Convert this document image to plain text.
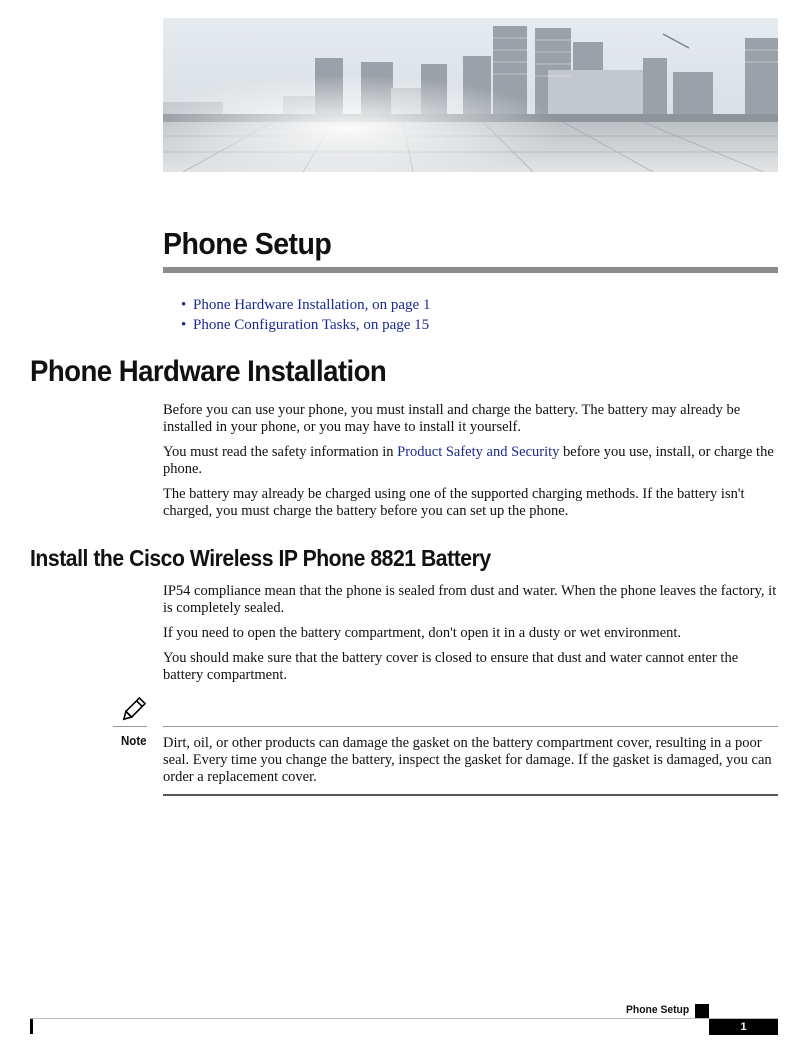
Phone Setup
• Phone Hardware Installation, on page 1
• Phone Configuration Tasks, on page 15
Phone Hardware Installation

Before you can use your phone, you must install and charge the battery. The battery may already be installed in your phone, or you may have to install it yourself.

You must read the safety information in Product Safety and Security before you use, install, or charge the phone.

The battery may already be charged using one of the supported charging methods. If the battery isn't charged, you must charge the battery before you can set up the phone.

Install the Cisco Wireless IP Phone 8821 Battery

IP54 compliance mean that the phone is sealed from dust and water. When the phone leaves the factory, it is completely sealed.

If you need to open the battery compartment, don't open it in a dusty or wet environment.

You should make sure that the battery cover is closed to ensure that dust and water cannot enter the battery compartment.

Note Dirt, oil, or other products can damage the gasket on the battery compartment cover, resulting in a poor seal. Every time you change the battery, inspect the gasket for damage. If the gasket is damaged, you can order a replacement cover.

Phone Setup
1
